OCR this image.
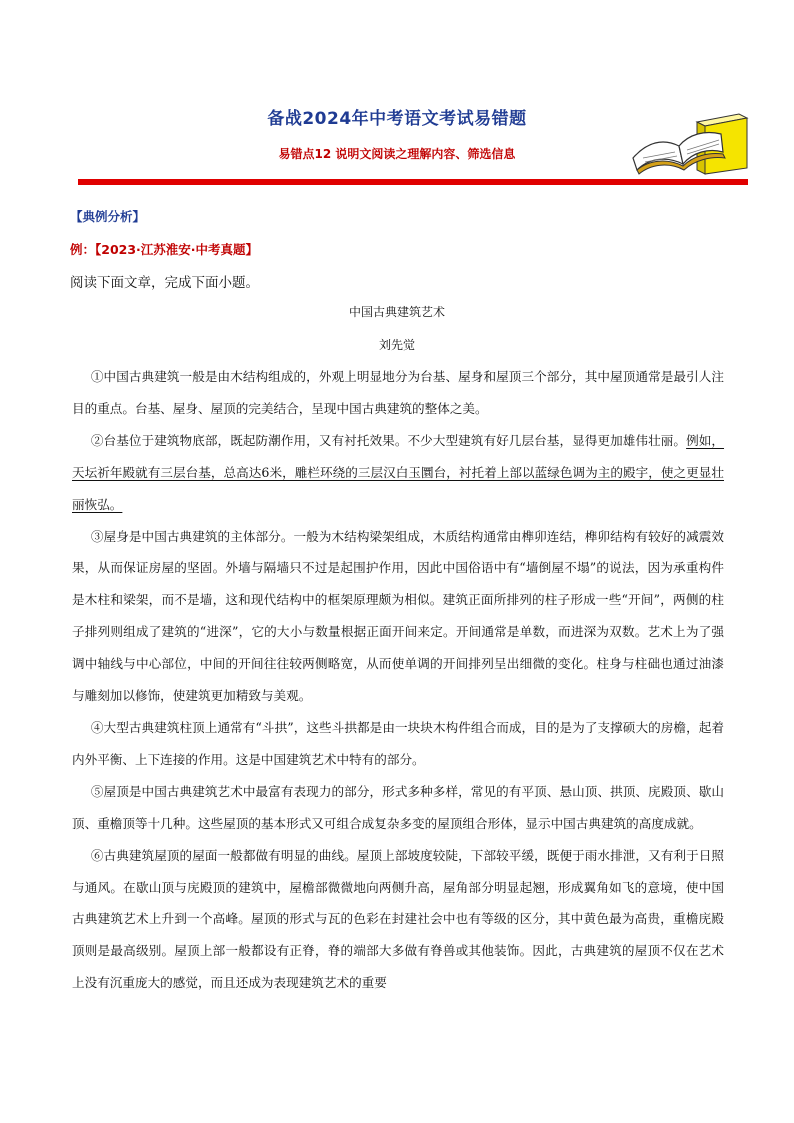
备战2024年中考语文考试易错题
易错点12 说明文阅读之理解内容、筛选信息
【典例分析】
例：【2023·江苏淮安·中考真题】
阅读下面文章，完成下面小题。
中国古典建筑艺术
刘先觉

①中国古典建筑一般是由木结构组成的，外观上明显地分为台基、屋身和屋顶三个部分，其中屋顶通常是最引人注目的重点。台基、屋身、屋顶的完美结合，呈现中国古典建筑的整体之美。

②台基位于建筑物底部，既起防潮作用，又有衬托效果。不少大型建筑有好几层台基，显得更加雄伟壮丽。例如，天坛祈年殿就有三层台基，总高达6米，雕栏环绕的三层汉白玉圜台，衬托着上部以蓝绿色调为主的殿宇，使之更显壮丽恢弘。

③屋身是中国古典建筑的主体部分。一般为木结构梁架组成，木质结构通常由榫卯连结，榫卯结构有较好的减震效果，从而保证房屋的坚固。外墙与隔墙只不过是起围护作用，因此中国俗语中有“墙倒屋不塌”的说法，因为承重构件是木柱和梁架，而不是墙，这和现代结构中的框架原理颇为相似。建筑正面所排列的柱子形成一些“开间”，两侧的柱子排列则组成了建筑的“进深”，它的大小与数量根据正面开间来定。开间通常是单数，而进深为双数。艺术上为了强调中轴线与中心部位，中间的开间往往较两侧略宽，从而使单调的开间排列呈出细微的变化。柱身与柱础也通过油漆与雕刻加以修饰，使建筑更加精致与美观。

④大型古典建筑柱顶上通常有“斗拱”，这些斗拱都是由一块块木构件组合而成，目的是为了支撑硕大的房檐，起着内外平衡、上下连接的作用。这是中国建筑艺术中特有的部分。

⑤屋顶是中国古典建筑艺术中最富有表现力的部分，形式多种多样，常见的有平顶、悬山顶、拱顶、庑殿顶、歇山顶、重檐顶等十几种。这些屋顶的基本形式又可组合成复杂多变的屋顶组合形体，显示中国古典建筑的高度成就。

⑥古典建筑屋顶的屋面一般都做有明显的曲线。屋顶上部坡度较陡，下部较平缓，既便于雨水排泄，又有利于日照与通风。在歇山顶与庑殿顶的建筑中，屋檐部微微地向两侧升高，屋角部分明显起翘，形成翼角如飞的意境，使中国古典建筑艺术上升到一个高峰。屋顶的形式与瓦的色彩在封建社会中也有等级的区分，其中黄色最为高贵，重檐庑殿顶则是最高级别。屋顶上部一般都设有正脊，脊的端部大多做有脊兽或其他装饰。因此，古典建筑的屋顶不仅在艺术上没有沉重庞大的感觉，而且还成为表现建筑艺术的重要
